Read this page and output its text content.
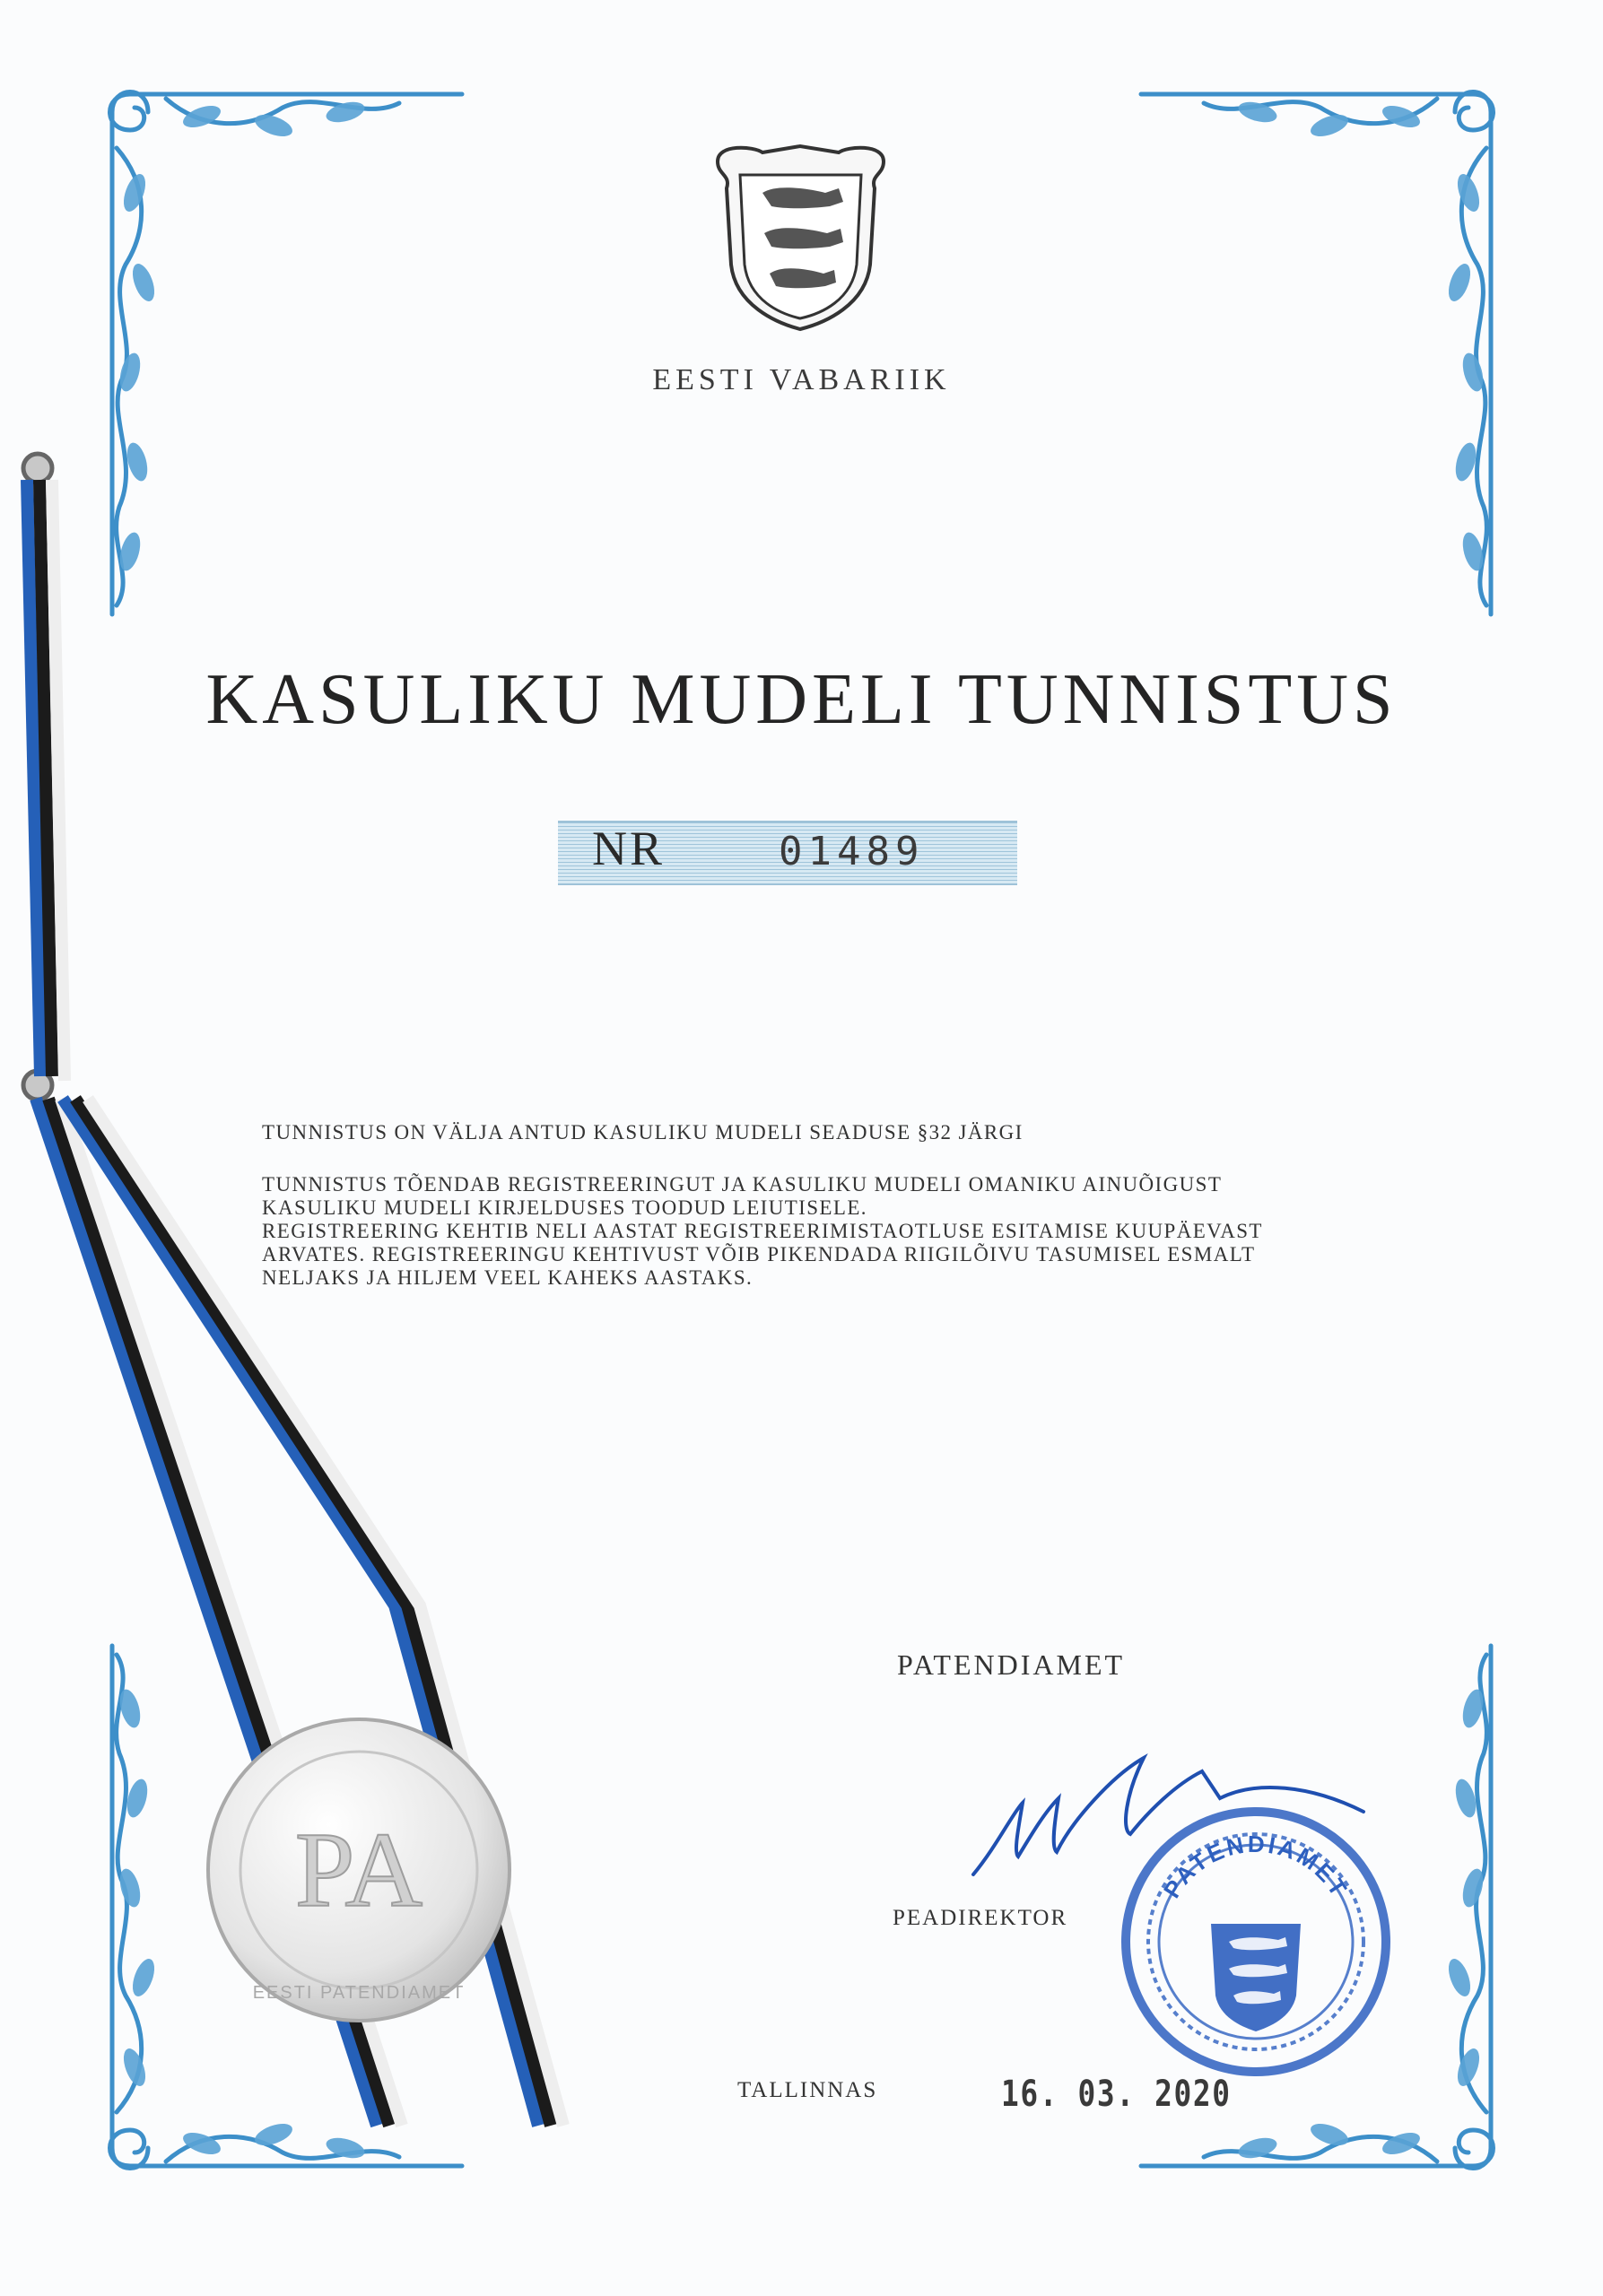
EESTI VABARIIK
KASULIKU MUDELI TUNNISTUS
NR	01489
TUNNISTUS ON VÄLJA ANTUD KASULIKU MUDELI SEADUSE §32 JÄRGI
TUNNISTUS TÕENDAB REGISTREERINGUT JA KASULIKU MUDELI OMANIKU AINUÕIGUST
KASULIKU MUDELI KIRJELDUSES TOODUD LEIUTISELE.
REGISTREERING KEHTIB NELI AASTAT REGISTREERIMISTAOTLUSE ESITAMISE KUUPÄEVAST
ARVATES. REGISTREERINGU KEHTIVUST VÕIB PIKENDADA RIIGILÕIVU TASUMISEL ESMALT
NELJAKS JA HILJEM VEEL KAHEKS AASTAKS.
PATENDIAMET
PA
EESTI PATENDIAMET
PATENDIAMET
PEADIREKTOR
TALLINNAS	16. 03. 2020
